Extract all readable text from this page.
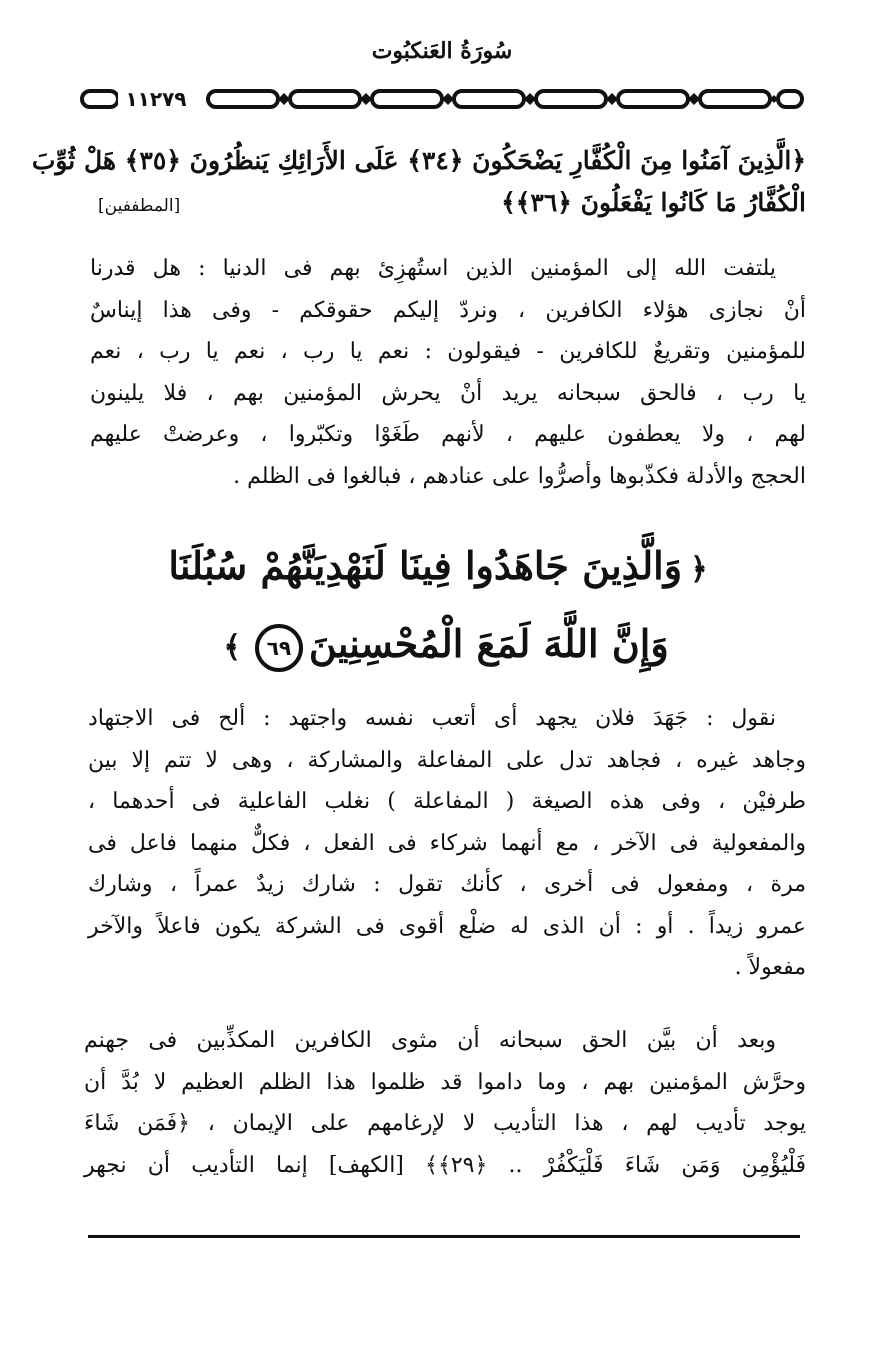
سُورَةُ العَنكبُوت
١١٢٧٩
﴿الَّذِينَ آمَنُوا مِنَ الْكُفَّارِ يَضْحَكُونَ ﴿٣٤﴾ عَلَى الأَرَائِكِ يَنظُرُونَ ﴿٣٥﴾ هَلْ ثُوِّبَ
الْكُفَّارُ مَا كَانُوا يَفْعَلُونَ ﴿٣٦﴾﴾
[المطففين]
يلتفت الله إلى المؤمنين الذين استُهزِئ بهم فى الدنيا : هل قدرنا
أنْ نجازى هؤلاء الكافرين ، ونردّ إليكم حقوقكم - وفى هذا إيناسٌ
للمؤمنين وتقريعٌ للكافرين - فيقولون : نعم يا رب ، نعم يا رب ، نعم
يا رب ، فالحق سبحانه يريد أنْ يحرش المؤمنين بهم ، فلا يلينون
لهم ، ولا يعطفون عليهم ، لأنهم طَغَوْا وتكبّروا ، وعرضتْ عليهم
الحجج والأدلة فكذّبوها وأصرُّوا على عنادهم ، فبالغوا فى الظلم .
﴿وَالَّذِينَ جَاهَدُوا فِينَا لَنَهْدِيَنَّهُمْ سُبُلَنَا
وَإِنَّ اللَّهَ لَمَعَ الْمُحْسِنِينَ٦٩﴾
نقول : جَهَدَ فلان يجهد أى أتعب نفسه واجتهد : ألح فى الاجتهاد
وجاهد غيره ، فجاهد تدل على المفاعلة والمشاركة ، وهى لا تتم إلا بين
طرفيْن ، وفى هذه الصيغة ( المفاعلة ) نغلب الفاعلية فى أحدهما ،
والمفعولية فى الآخر ، مع أنهما شركاء فى الفعل ، فكلٌّ منهما فاعل فى
مرة ، ومفعول فى أخرى ، كأنك تقول : شارك زيدٌ عمراً ، وشارك
عمرو زيداً . أو : أن الذى له ضلْع أقوى فى الشركة يكون فاعلاً والآخر
مفعولاً .
وبعد أن بيَّن الحق سبحانه أن مثوى الكافرين المكذِّبين فى جهنم
وحرَّش المؤمنين بهم ، وما داموا قد ظلموا هذا الظلم العظيم لا بُدَّ أن
يوجد تأديب لهم ، هذا التأديب لا لإرغامهم على الإيمان ، ﴿فَمَن شَاءَ
فَلْيُؤْمِن وَمَن شَاءَ فَلْيَكْفُرْ .. ﴿٢٩﴾﴾ [الكهف] إنما التأديب أن نجهر
